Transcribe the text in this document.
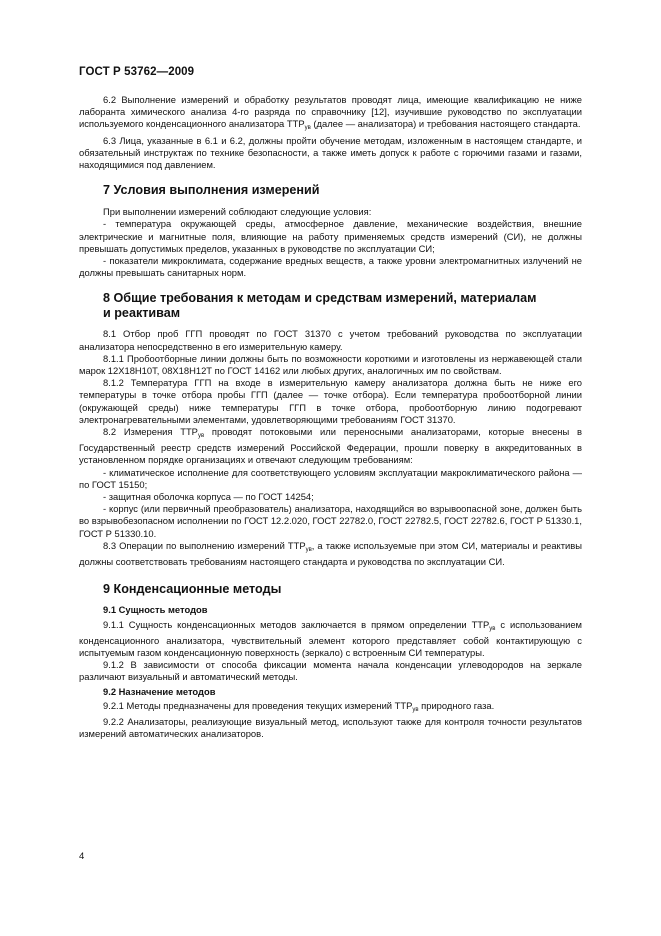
ГОСТ Р 53762—2009

6.2 Выполнение измерений и обработку результатов проводят лица, имеющие квалификацию не ниже лаборанта химического анализа 4-го разряда по справочнику [12], изучившие руководство по эксплуатации используемого конденсационного анализатора $ТТР_{ув}$ (далее — анализатора) и требования настоящего стандарта.

6.3 Лица, указанные в 6.1 и 6.2, должны пройти обучение методам, изложенным в настоящем стандарте, и обязательный инструктаж по технике безопасности, а также иметь допуск к работе с горючими газами и газами, находящимися под давлением.

7 Условия выполнения измерений

При выполнении измерений соблюдают следующие условия:

- температура окружающей среды, атмосферное давление, механические воздействия, внешние электрические и магнитные поля, влияющие на работу применяемых средств измерений (СИ), не должны превышать допустимых пределов, указанных в руководстве по эксплуатации СИ;

- показатели микроклимата, содержание вредных веществ, а также уровни электромагнитных излучений не должны превышать санитарных норм.

8 Общие требования к методам и средствам измерений, материалам
и реактивам

8.1 Отбор проб ГГП проводят по ГОСТ 31370 с учетом требований руководства по эксплуатации анализатора непосредственно в его измерительную камеру.

8.1.1 Пробоотборные линии должны быть по возможности короткими и изготовлены из нержавеющей стали марок 12Х18Н10Т, 08Х18Н12Т по ГОСТ 14162 или любых других, аналогичных им по свойствам.

8.1.2 Температура ГГП на входе в измерительную камеру анализатора должна быть не ниже его температуры в точке отбора пробы ГГП (далее — точке отбора). Если температура пробоотборной линии (окружающей среды) ниже температуры ГГП в точке отбора, пробоотборную линию подогревают электронагревательными элементами, удовлетворяющими требованиям ГОСТ 31370.

8.2 Измерения $ТТР_{ув}$ проводят потоковыми или переносными анализаторами, которые внесены в Государственный реестр средств измерений Российской Федерации, прошли поверку в аккредитованных в установленном порядке организациях и отвечают следующим требованиям:

- климатическое исполнение для соответствующего условиям эксплуатации макроклиматического района — по ГОСТ 15150;

- защитная оболочка корпуса — по ГОСТ 14254;

- корпус (или первичный преобразователь) анализатора, находящийся во взрывоопасной зоне, должен быть во взрывобезопасном исполнении по ГОСТ 12.2.020, ГОСТ 22782.0, ГОСТ 22782.5, ГОСТ 22782.6, ГОСТ Р 51330.1, ГОСТ Р 51330.10.

8.3 Операции по выполнению измерений $ТТР_{ув}$, а также используемые при этом СИ, материалы и реактивы должны соответствовать требованиям настоящего стандарта и руководства по эксплуатации СИ.

9 Конденсационные методы

9.1 Сущность методов

9.1.1 Сущность конденсационных методов заключается в прямом определении $ТТР_{ув}$ с использованием конденсационного анализатора, чувствительный элемент которого представляет собой контактирующую с испытуемым газом конденсационную поверхность (зеркало) с встроенным СИ температуры.

9.1.2 В зависимости от способа фиксации момента начала конденсации углеводородов на зеркале различают визуальный и автоматический методы.

9.2 Назначение методов

9.2.1 Методы предназначены для проведения текущих измерений $ТТР_{ув}$ природного газа.

9.2.2 Анализаторы, реализующие визуальный метод, используют также для контроля точности результатов измерений автоматических анализаторов.

4
